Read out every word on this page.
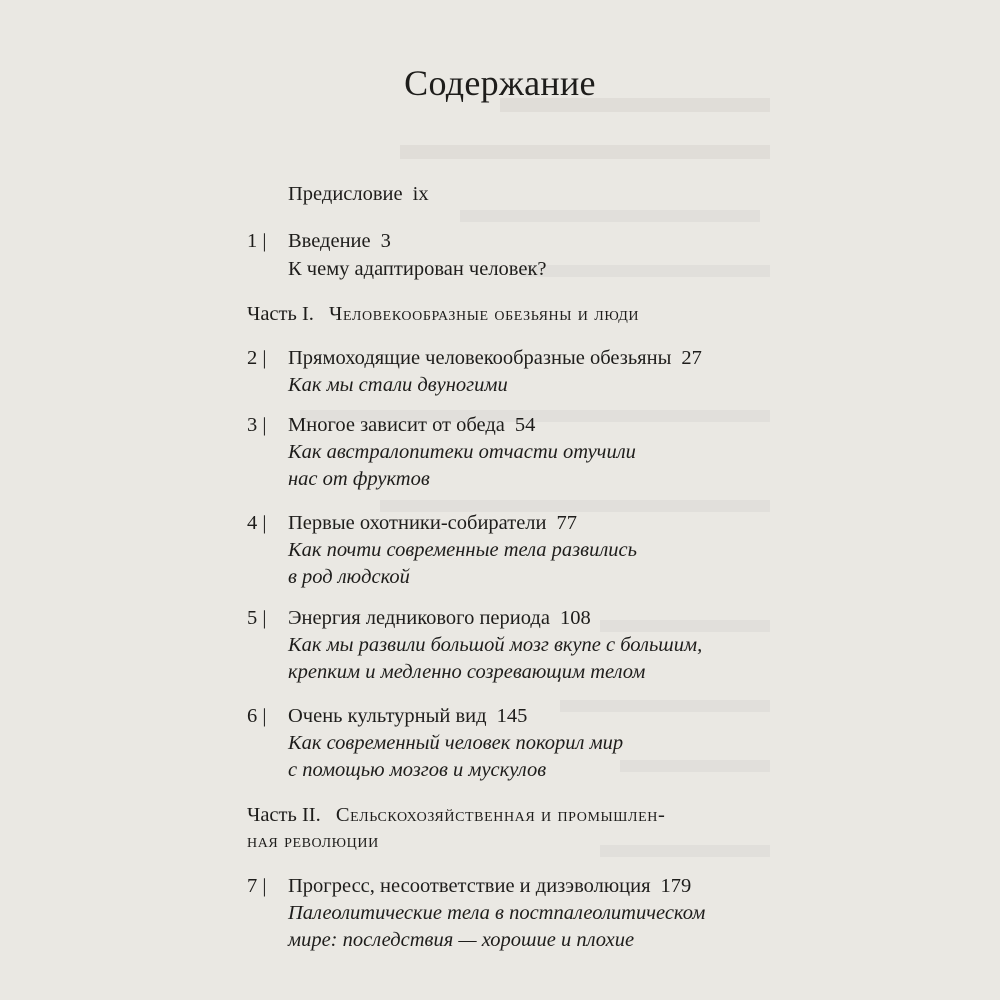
Содержание
Предисловие ix
1 | Введение 3
К чему адаптирован человек?
Часть I. Человекообразные обезьяны и люди
2 | Прямоходящие человекообразные обезьяны 27
Как мы стали двуногими
3 | Многое зависит от обеда 54
Как австралопитеки отчасти отучили
нас от фруктов
4 | Первые охотники-собиратели 77
Как почти современные тела развились
в род людской
5 | Энергия ледникового периода 108
Как мы развили большой мозг вкупе с большим,
крепким и медленно созревающим телом
6 | Очень культурный вид 145
Как современный человек покорил мир
с помощью мозгов и мускулов
Часть II. Сельскохозяйственная и промышлен-
ная революции
7 | Прогресс, несоответствие и дизэволюция 179
Палеолитические тела в постпалеолитическом
мире: последствия — хорошие и плохие
